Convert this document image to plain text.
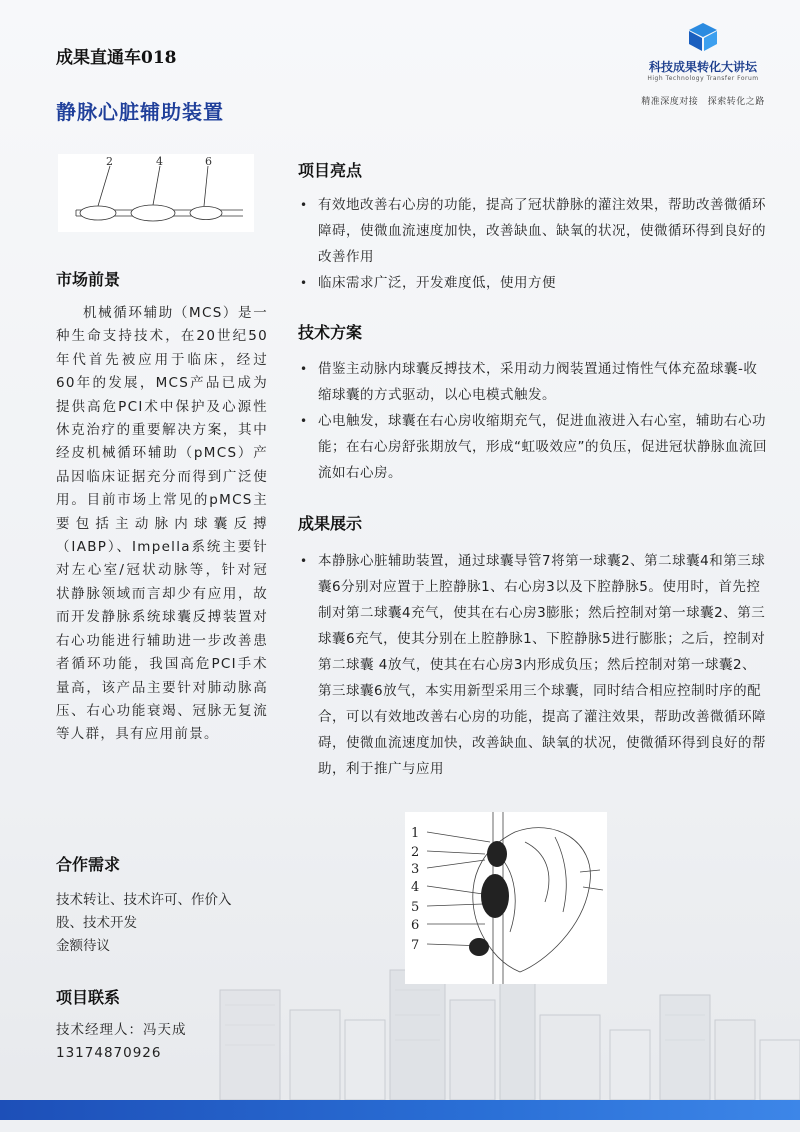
成果直通车018
静脉心脏辅助装置
科技成果转化大讲坛
High Technology Transfer Forum
精准深度对接　探索转化之路
2	4	6
市场前景
机械循环辅助（MCS）是一种生命支持技术，在20世纪50年代首先被应用于临床，经过60年的发展，MCS产品已成为提供高危PCI术中保护及心源性休克治疗的重要解决方案，其中经皮机械循环辅助（pMCS）产品因临床证据充分而得到广泛使用。目前市场上常见的pMCS主要包括主动脉内球囊反搏（IABP）、Impella系统主要针对左心室/冠状动脉等，针对冠状静脉领域而言却少有应用，故而开发静脉系统球囊反搏装置对右心功能进行辅助进一步改善患者循环功能，我国高危PCI手术量高，该产品主要针对肺动脉高压、右心功能衰竭、冠脉无复流等人群，具有应用前景。
合作需求
技术转让、技术许可、作价入股、技术开发
金额待议
项目联系
技术经理人：冯天成
13174870926
项目亮点
• 有效地改善右心房的功能，提高了冠状静脉的灌注效果，帮助改善微循环障碍，使微血流速度加快，改善缺血、缺氧的状况，使微循环得到良好的改善作用
• 临床需求广泛，开发难度低，使用方便
技术方案
• 借鉴主动脉内球囊反搏技术，采用动力阀装置通过惰性气体充盈球囊-收缩球囊的方式驱动，以心电模式触发。
• 心电触发，球囊在右心房收缩期充气，促进血液进入右心室，辅助右心功能；在右心房舒张期放气，形成“虹吸效应”的负压，促进冠状静脉血流回流如右心房。
成果展示
• 本静脉心脏辅助装置，通过球囊导管7将第一球囊2、第二球囊4和第三球囊6分别对应置于上腔静脉1、右心房3以及下腔静脉5。使用时，首先控制对第二球囊4充气，使其在右心房3膨胀；然后控制对第一球囊2、第三球囊6充气，使其分别在上腔静脉1、下腔静脉5进行膨胀；之后，控制对第二球囊 4放气，使其在右心房3内形成负压；然后控制对第一球囊2、第三球囊6放气，本实用新型采用三个球囊，同时结合相应控制时序的配合，可以有效地改善右心房的功能，提高了灌注效果，帮助改善微循环障碍，使微血流速度加快，改善缺血、缺氧的状况，使微循环得到良好的帮助，利于推广与应用
1
2
3
4
5
6
7
